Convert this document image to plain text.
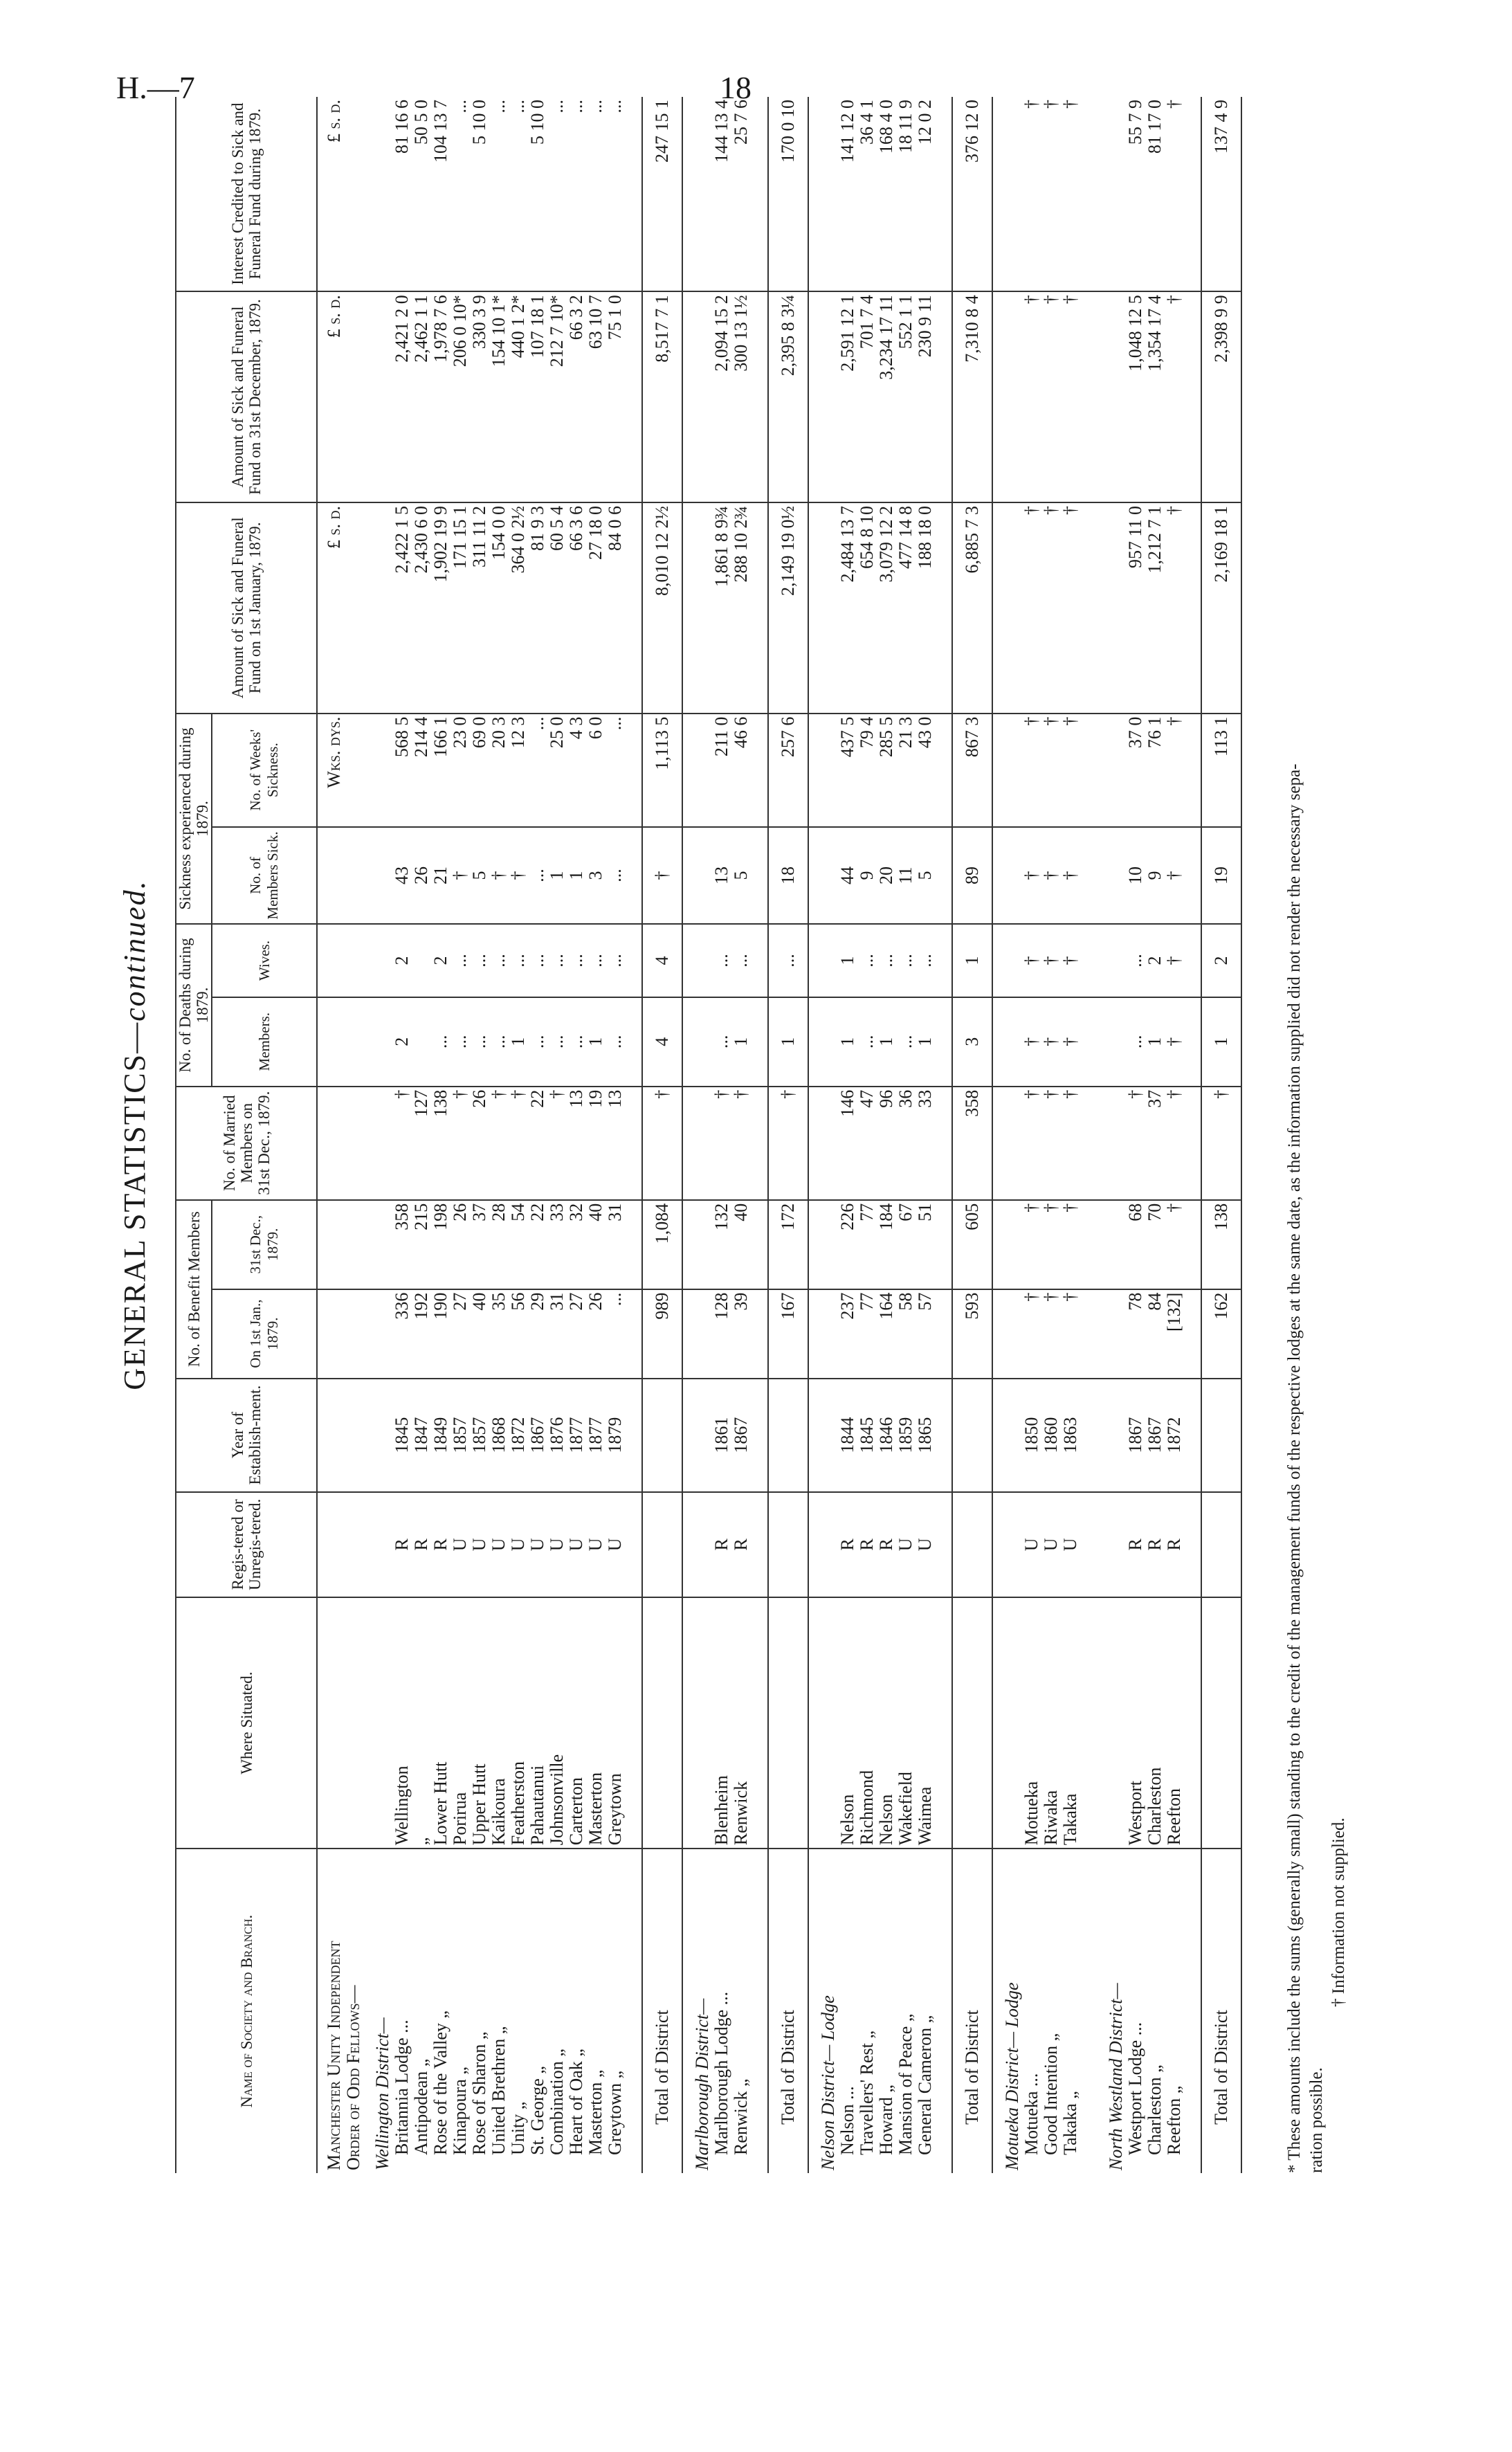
H.—7	18
GENERAL STATISTICS—continued.
Name of Society and Branch.	Where Situated.	Regis-tered or Unregis-tered.	Year of Establish-ment.	No. of Benefit Members		No. of Married Members on 31st Dec., 1879.	No. of Deaths during 1879.		Sickness experienced during 1879.		Amount of Sick and Funeral Fund on 1st January, 1879.	Amount of Sick and Funeral Fund on 31st December, 1879.	Interest Credited to Sick and Funeral Fund during 1879.
				On 1st Jan., 1879.	31st Dec., 1879.		Members.	Wives.	No. of Members Sick.	No. of Weeks' Sickness.			

Manchester Unity Independent Order of Odd Fellows—										Wks. dys.	£ s. d.	£ s. d.	£ s. d.
Wellington District—													
Britannia Lodge ...	Wellington	R	1845	336	358	†	2	2	43	568 5	2,422 1 5	2,421 2 0	81 16 6
Antipodean „	„	R	1847	192	215	127			26	214 4	2,430 6 0	2,462 1 1	50 5 0
Rose of the Valley „	Lower Hutt	R	1849	190	198	138	...	2	21	166 1	1,902 19 9	1,978 7 6	104 13 7
Kinapoura „	Porirua	U	1857	27	26	†	...	...	†	23 0	171 15 1	206 0 10*	...
Rose of Sharon „	Upper Hutt	U	1857	40	37	26	...	...	5	69 0	311 11 2	330 3 9	5 10 0
United Brethren „	Kaikoura	U	1868	35	28	†	...	...	†	20 3	154 0 0	154 10 1*	...
Unity „	Featherston	U	1872	56	54	†	1	...	†	12 3	364 0 2½	440 1 2*	...
St. George „	Pahautanui	U	1867	29	22	22	...	...	...	...	81 9 3	107 18 1	5 10 0
Combination „	Johnsonville	U	1876	31	33	†	...	...	1	25 0	60 5 4	212 7 10*	...
Heart of Oak „	Carterton	U	1877	27	32	13	...	...	1	4 3	66 3 6	66 3 2	...
Masterton „	Masterton	U	1877	26	40	19	1	...	3	6 0	27 18 0	63 10 7	...
Greytown „	Greytown	U	1879	...	31	13	...	...	...	...	84 0 6	75 1 0	...

Total of District				989	1,084	†	4	4	†	1,113 5	8,010 12 2½	8,517 7 1	247 15 1
Marlborough District—													
Marlborough Lodge ...	Blenheim	R	1861	128	132	†	...	...	13	211 0	1,861 8 9¾	2,094 15 2	144 13 4
Renwick „	Renwick	R	1867	39	40	†	1	...	5	46 6	288 10 2¾	300 13 1½	25 7 6

Total of District				167	172	†	1	...	18	257 6	2,149 19 0½	2,395 8 3¼	170 0 10
Nelson District— Lodge													
Nelson ...	Nelson	R	1844	237	226	146	1	1	44	437 5	2,484 13 7	2,591 12 1	141 12 0
Travellers' Rest „	Richmond	R	1845	77	77	47	...	...	9	79 4	654 8 10	701 7 4	36 4 1
Howard „	Nelson	R	1846	164	184	96	1	...	20	285 5	3,079 12 2	3,234 17 11	168 4 0
Mansion of Peace „	Wakefield	U	1859	58	67	36	...	...	11	21 3	477 14 8	552 1 1	18 11 9
General Cameron „	Waimea	U	1865	57	51	33	1	...	5	43 0	188 18 0	230 9 11	12 0 2

Total of District				593	605	358	3	1	89	867 3	6,885 7 3	7,310 8 4	376 12 0
Motueka District— Lodge													
Motueka ...	Motueka	U	1850	†	†	†	†	†	†	†	†	†	†
Good Intention „	Riwaka	U	1860	†	†	†	†	†	†	†	†	†	†
Takaka „	Takaka	U	1863	†	†	†	†	†	†	†	†	†	†

North Westland District—													
Westport Lodge ...	Westport	R	1867	78	68	†	...	...	10	37 0	957 11 0	1,048 12 5	55 7 9
Charleston „	Charleston	R	1867	84	70	37	1	2	9	76 1	1,212 7 1	1,354 17 4	81 17 0
Reefton „	Reefton	R	1872	[132]	†	†	†	†	†	†	†	†	†

Total of District				162	138	†	1	2	19	113 1	2,169 18 1	2,398 9 9	137 4 9
* These amounts include the sums (generally small) standing to the credit of the management funds of the respective lodges at the same date, as the information supplied did not render the necessary sepa- ration possible.
† Information not supplied.
